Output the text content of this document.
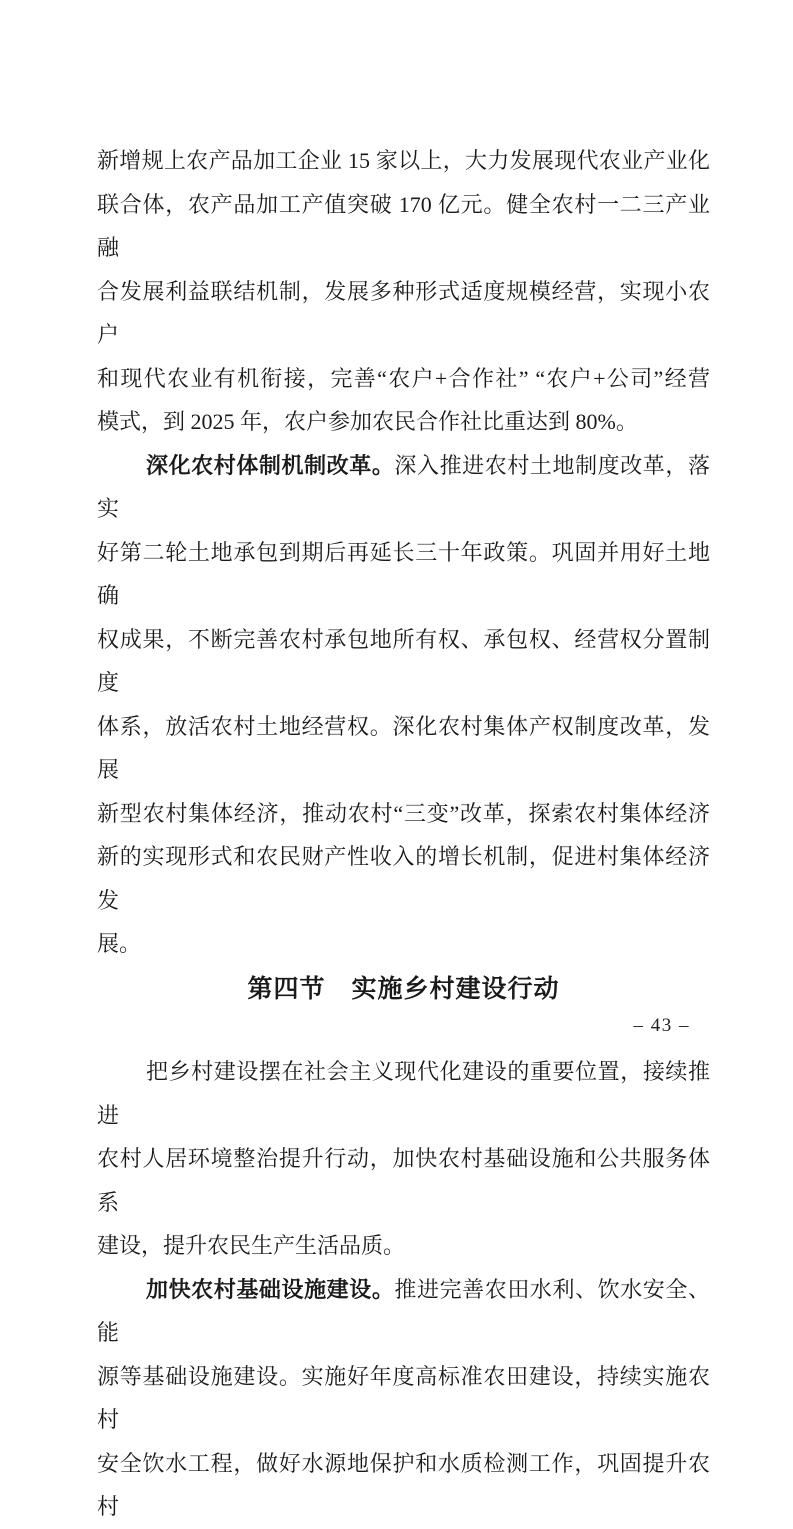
新增规上农产品加工企业 15 家以上，大力发展现代农业产业化
联合体，农产品加工产值突破 170 亿元。健全农村一二三产业融
合发展利益联结机制，发展多种形式适度规模经营，实现小农户
和现代农业有机衔接，完善“农户+合作社” “农户+公司”经营
模式，到 2025 年，农户参加农民合作社比重达到 80%。
深化农村体制机制改革。深入推进农村土地制度改革，落实
好第二轮土地承包到期后再延长三十年政策。巩固并用好土地确
权成果，不断完善农村承包地所有权、承包权、经营权分置制度
体系，放活农村土地经营权。深化农村集体产权制度改革，发展
新型农村集体经济，推动农村“三变”改革，探索农村集体经济
新的实现形式和农民财产性收入的增长机制，促进村集体经济发
展。
第四节　实施乡村建设行动
把乡村建设摆在社会主义现代化建设的重要位置，接续推进
农村人居环境整治提升行动，加快农村基础设施和公共服务体系
建设，提升农民生产生活品质。
加快农村基础设施建设。推进完善农田水利、饮水安全、能
源等基础设施建设。实施好年度高标准农田建设，持续实施农村
安全饮水工程，做好水源地保护和水质检测工作，巩固提升农村
– 43 –
